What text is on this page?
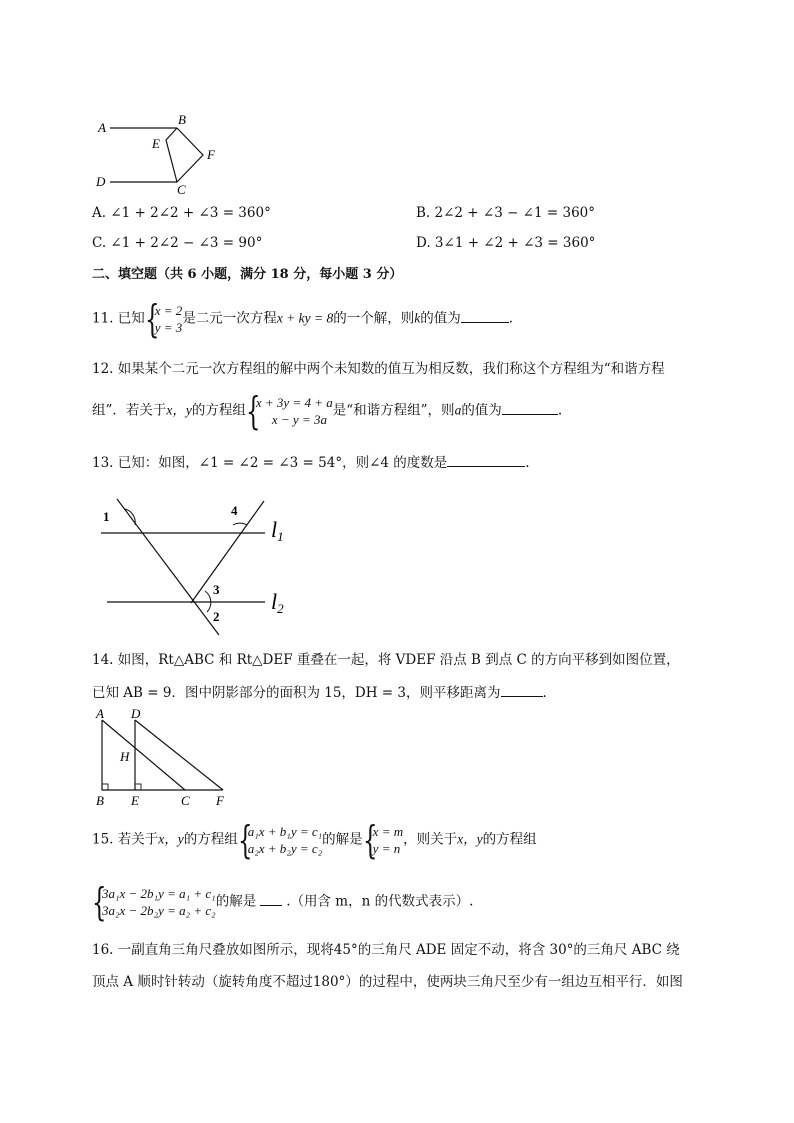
A
B
E
F
D
C
A. ∠1 + 2∠2 + ∠3 = 360°	B. 2∠2 + ∠3 − ∠1 = 360°
C. ∠1 + 2∠2 − ∠3 = 90°	D. 3∠1 + ∠2 + ∠3 = 360°
二、填空题（共 6 小题，满分 18 分，每小题 3 分）
11. 已知 {
x = 2
y = 3
是二元一次方程x + ky = 8的一个解，则k的值为	.
12. 如果某个二元一次方程组的解中两个未知数的值互为相反数，我们称这个方程组为“和谐方程
组”．若关于x，y的方程组 {
x + 3y = 4 + a
x − y = 3a
是“和谐方程组”，则a的值为	.
13. 已知：如图，∠1 = ∠2 = ∠3 = 54°，则∠4 的度数是	.
1	4
3
2
l1
l2
14. 如图，Rt△ABC 和 Rt△DEF 重叠在一起，将 VDEF 沿点 B 到点 C 的方向平移到如图位置，
已知 AB = 9．图中阴影部分的面积为 15，DH = 3，则平移距离为	.
A D
H
B E	C F
15. 若关于x，y的方程组 {
a₁x + b₁y = c₁
a₂x + b₂y = c₂
的解是 {
x = m
y = n
，则关于x，y的方程组
{
3a₁x − 2b₁y = a₁ + c₁
3a₂x − 2b₂y = a₂ + c₂
的解是 .（用含 m，n 的代数式表示）.
16. 一副直角三角尺叠放如图所示，现将45°的三角尺 ADE 固定不动，将含 30°的三角尺 ABC 绕
顶点 A 顺时针转动（旋转角度不超过180°）的过程中，使两块三角尺至少有一组边互相平行．如图
